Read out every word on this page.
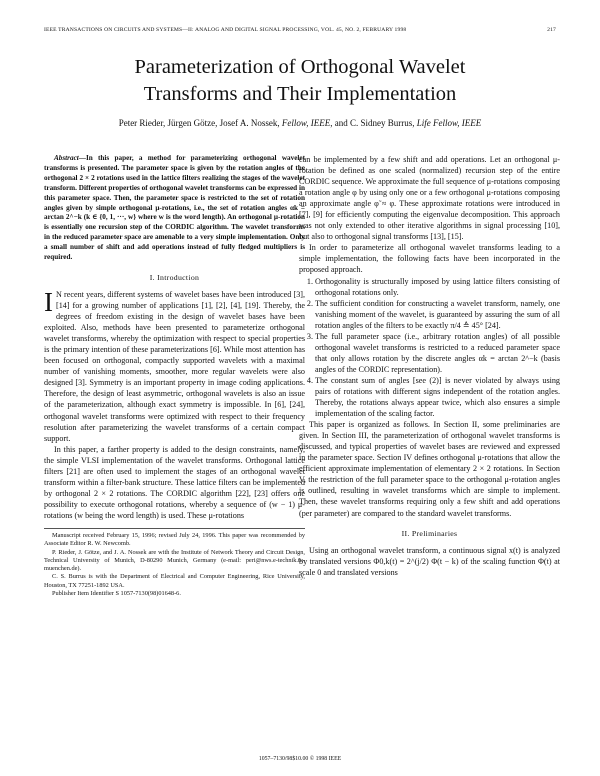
IEEE TRANSACTIONS ON CIRCUITS AND SYSTEMS—II: ANALOG AND DIGITAL SIGNAL PROCESSING, VOL. 45, NO. 2, FEBRUARY 1998	217
Parameterization of Orthogonal Wavelet
Transforms and Their Implementation
Peter Rieder, Jürgen Götze, Josef A. Nossek, Fellow, IEEE, and C. Sidney Burrus, Life Fellow, IEEE

Abstract—In this paper, a method for parameterizing orthogonal wavelet transforms is presented. The parameter space is given by the rotation angles of the orthogonal 2 × 2 rotations used in the lattice filters realizing the stages of the wavelet transform. Different properties of orthogonal wavelet transforms can be expressed in this parameter space. Then, the parameter space is restricted to the set of rotation angles given by simple orthogonal μ-rotations, i.e., the set of rotation angles αk = arctan 2^−k (k ∈ {0, 1, ···, w} where w is the word length). An orthogonal μ-rotation is essentially one recursion step of the CORDIC algorithm. The wavelet transforms in the reduced parameter space are amenable to a very simple implementation. Only a small number of shift and add operations instead of fully fledged multipliers is required.

I. Introduction

I N recent years, different systems of wavelet bases have been introduced [3], [14] for a growing number of applications [1], [2], [4], [19]. Thereby, the degrees of freedom existing in the design of wavelet bases have been exploited. Also, methods have been presented to parameterize orthogonal wavelet transforms, whereby the optimization with respect to special properties is the primary intention of these parameterizations [6]. While most attention has been focused on orthogonal, compactly supported wavelets with a maximal number of vanishing moments, smoother, more regular wavelets were also designed [3]. Symmetry is an important property in image coding applications. Therefore, the design of least asymmetric, orthogonal wavelets is also an issue of the parameterization, although exact symmetry is impossible. In [6], [24], orthogonal wavelet transforms were optimized with respect to their frequency resolution after parameterizing the wavelet transforms of a certain compact support.

In this paper, a farther property is added to the design constraints, namely, the simple VLSI implementation of the wavelet transforms. Orthogonal lattice filters [21] are often used to implement the stages of an orthogonal wavelet transform within a filter-bank structure. These lattice filters can be implemented by orthogonal 2 × 2 rotations. The CORDIC algorithm [22], [23] offers one possibility to execute orthogonal rotations, whereby a sequence of (w − 1) μ-rotations (w being the word length) is used. These μ-rotations

Manuscript received February 15, 1996; revised July 24, 1996. This paper was recommended by Associate Editor R. W. Newcomb.
P. Rieder, J. Götze, and J. A. Nossek are with the Institute of Network Theory and Circuit Design, Technical University of Munich, D-80290 Munich, Germany (e-mail: peri@nws.e-technik.tu-muenchen.de).
C. S. Burrus is with the Department of Electrical and Computer Engineering, Rice University, Houston, TX 77251-1892 USA.
Publisher Item Identifier S 1057-7130(98)01648-6.

can be implemented by a few shift and add operations. Let an orthogonal μ-rotation be defined as one scaled (normalized) recursion step of the entire CORDIC sequence. We approximate the full sequence of μ-rotations composing a rotation angle φ by using only one or a few orthogonal μ-rotations composing an approximate angle φ̃ ≈ φ. These approximate rotations were introduced in [7], [9] for efficiently computing the eigenvalue decomposition. This approach was not only extended to other iterative algorithms in signal processing [10], but also to orthogonal signal transforms [13], [15].

In order to parameterize all orthogonal wavelet transforms leading to a simple implementation, the following facts have been incorporated in the proposed approach.

1. Orthogonality is structurally imposed by using lattice filters consisting of orthogonal rotations only.
2. The sufficient condition for constructing a wavelet transform, namely, one vanishing moment of the wavelet, is guaranteed by assuring the sum of all rotation angles of the filters to be exactly π/4 ≙ 45° [24].
3. The full parameter space (i.e., arbitrary rotation angles) of all possible orthogonal wavelet transforms is restricted to a reduced parameter space that only allows rotation by the discrete angles αk = arctan 2^−k (basis angles of the CORDIC representation).
4. The constant sum of angles [see (2)] is never violated by always using pairs of rotations with different signs independent of the rotation angles. Thereby, the rotations always appear twice, which also ensures a simple implementation of the scaling factor.

This paper is organized as follows. In Section II, some preliminaries are given. In Section III, the parameterization of orthogonal wavelet transforms is discussed, and typical properties of wavelet bases are reviewed and expressed in the parameter space. Section IV defines orthogonal μ-rotations that allow the efficient approximate implementation of elementary 2 × 2 rotations. In Section V, the restriction of the full parameter space to the orthogonal μ-rotation angles is outlined, resulting in wavelet transforms which are simple to implement. Then, these wavelet transforms requiring only a few shift and add operations (per parameter) are compared to the standard wavelet transforms.

II. Preliminaries

Using an orthogonal wavelet transform, a continuous signal x(t) is analyzed by translated versions Φ0,k(t) = 2^(j/2) Φ(t − k) of the scaling function Φ(t) at scale 0 and translated versions

1057–7130/98$10.00 © 1998 IEEE
